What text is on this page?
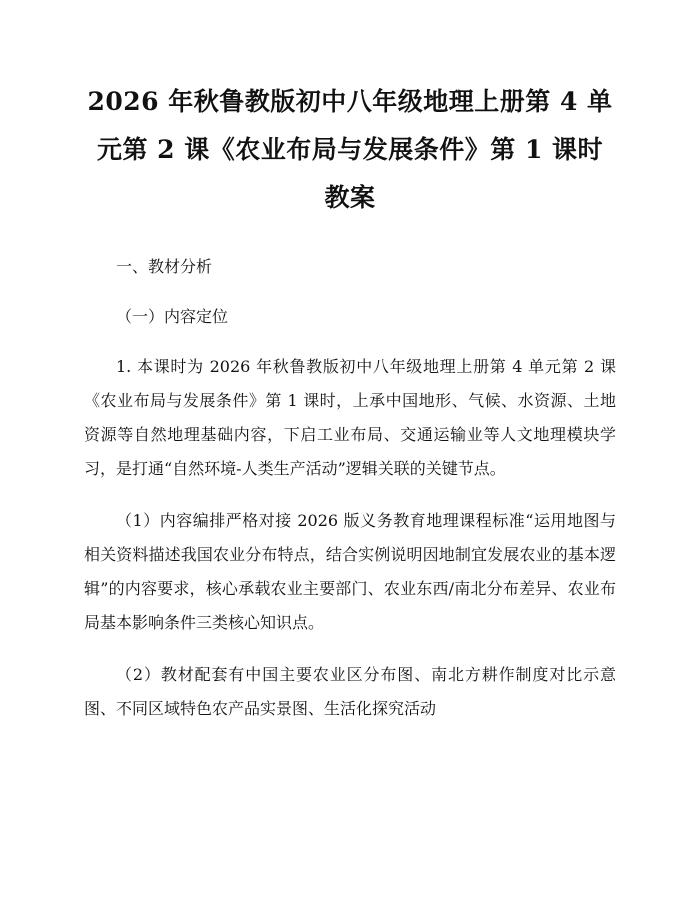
2026 年秋鲁教版初中八年级地理上册第 4 单
元第 2 课《农业布局与发展条件》第 1 课时
教案

一、教材分析

（一）内容定位

1. 本课时为 2026 年秋鲁教版初中八年级地理上册第 4 单元第 2 课《农业布局与发展条件》第 1 课时，上承中国地形、气候、水资源、土地资源等自然地理基础内容，下启工业布局、交通运输业等人文地理模块学习，是打通“自然环境-人类生产活动”逻辑关联的关键节点。

（1）内容编排严格对接 2026 版义务教育地理课程标准“运用地图与相关资料描述我国农业分布特点，结合实例说明因地制宜发展农业的基本逻辑”的内容要求，核心承载农业主要部门、农业东西/南北分布差异、农业布局基本影响条件三类核心知识点。

（2）教材配套有中国主要农业区分布图、南北方耕作制度对比示意图、不同区域特色农产品实景图、生活化探究活动
